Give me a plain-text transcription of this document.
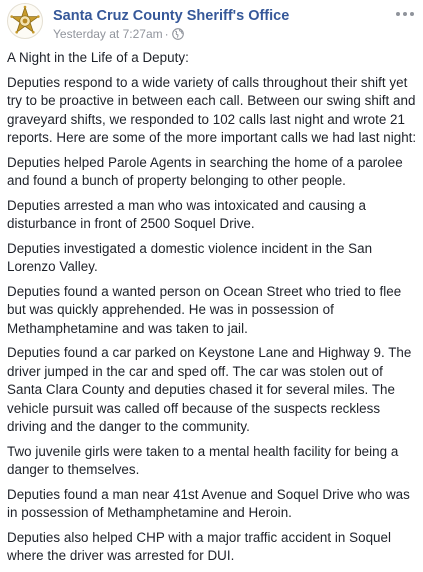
Santa Cruz County Sheriff's Office
Yesterday at 7:27am ·

A Night in the Life of a Deputy:

Deputies respond to a wide variety of calls throughout their shift yet try to be proactive in between each call. Between our swing shift and graveyard shifts, we responded to 102 calls last night and wrote 21 reports. Here are some of the more important calls we had last night:

Deputies helped Parole Agents in searching the home of a parolee and found a bunch of property belonging to other people.

Deputies arrested a man who was intoxicated and causing a disturbance in front of 2500 Soquel Drive.

Deputies investigated a domestic violence incident in the San Lorenzo Valley.

Deputies found a wanted person on Ocean Street who tried to flee but was quickly apprehended. He was in possession of Methamphetamine and was taken to jail.

Deputies found a car parked on Keystone Lane and Highway 9. The driver jumped in the car and sped off. The car was stolen out of Santa Clara County and deputies chased it for several miles. The vehicle pursuit was called off because of the suspects reckless driving and the danger to the community.

Two juvenile girls were taken to a mental health facility for being a danger to themselves.

Deputies found a man near 41st Avenue and Soquel Drive who was in possession of Methamphetamine and Heroin.

Deputies also helped CHP with a major traffic accident in Soquel where the driver was arrested for DUI.
